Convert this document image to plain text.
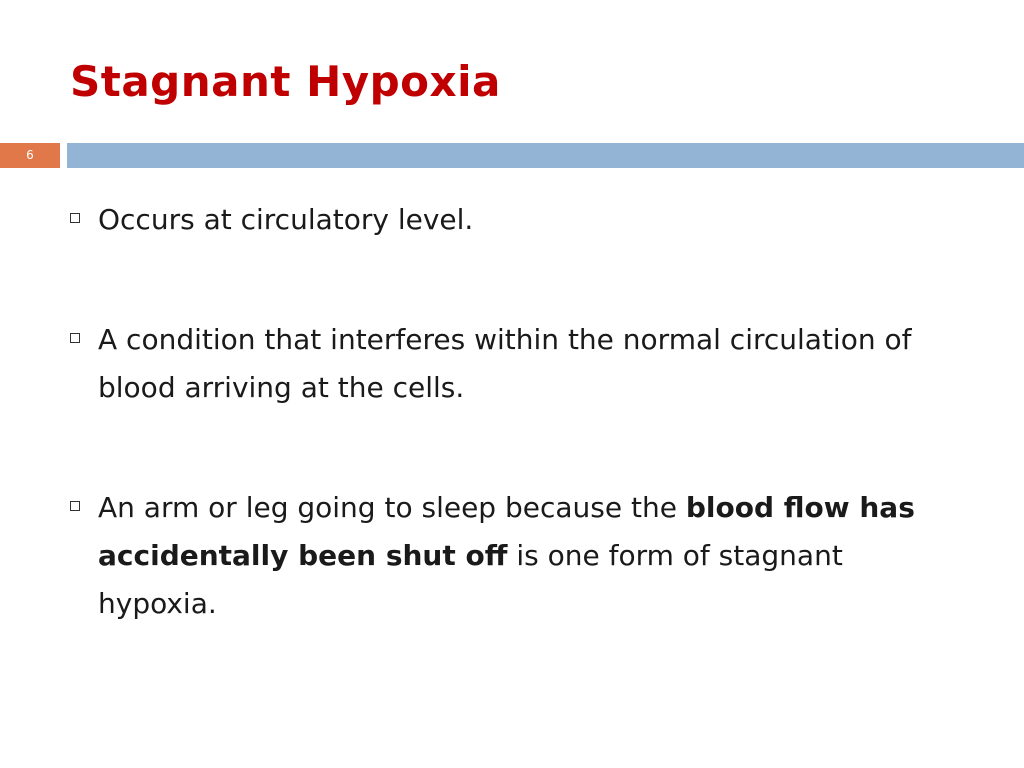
Stagnant Hypoxia
6
Occurs at circulatory level.
A condition that interferes within the normal circulation of blood arriving at the cells.
An arm or leg going to sleep because the blood flow has accidentally been shut off is one form of stagnant hypoxia.
